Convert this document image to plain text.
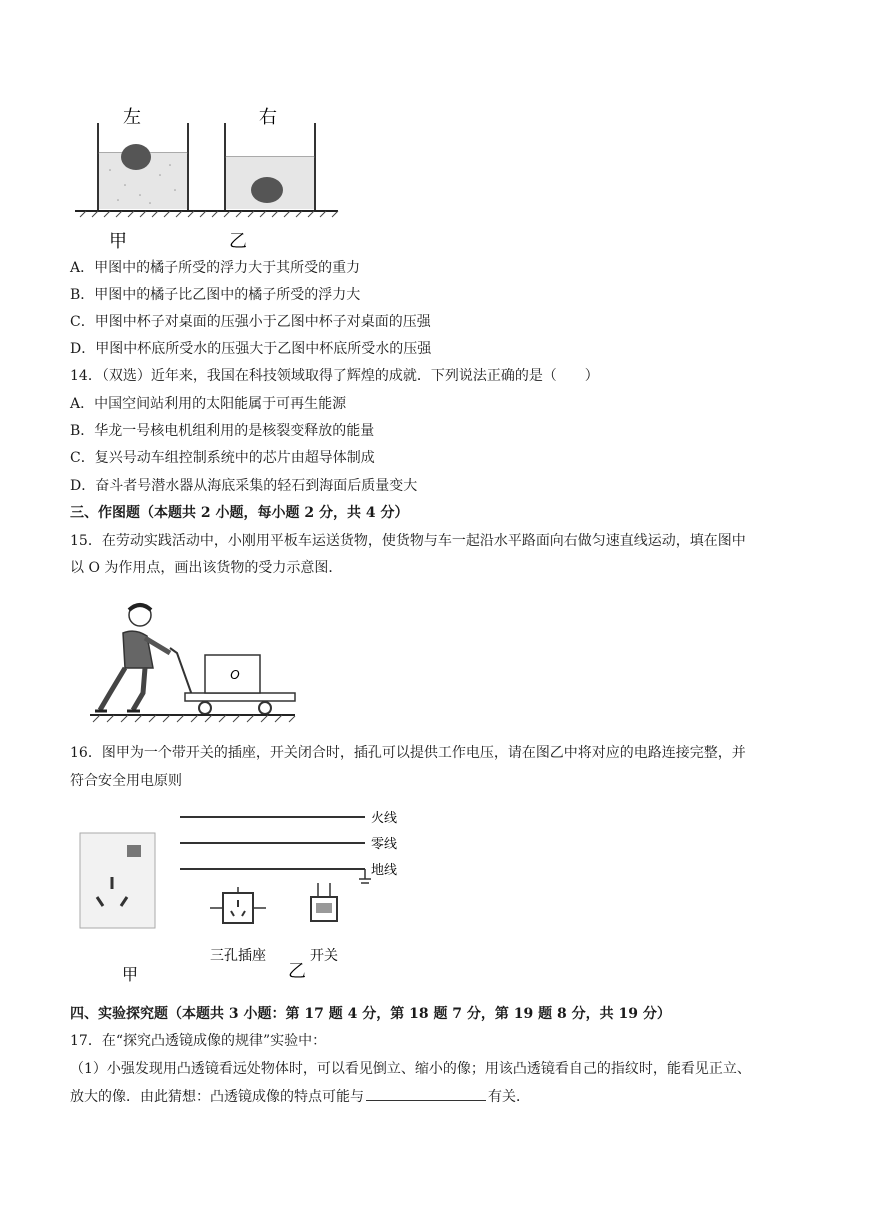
左	右
甲	乙
A．甲图中的橘子所受的浮力大于其所受的重力
B．甲图中的橘子比乙图中的橘子所受的浮力大
C．甲图中杯子对桌面的压强小于乙图中杯子对桌面的压强
D．甲图中杯底所受水的压强大于乙图中杯底所受水的压强
14．（双选）近年来，我国在科技领域取得了辉煌的成就．下列说法正确的是（　　）
A．中国空间站利用的太阳能属于可再生能源
B．华龙一号核电机组利用的是核裂变释放的能量
C．复兴号动车组控制系统中的芯片由超导体制成
D．奋斗者号潜水器从海底采集的轻石到海面后质量变大
三、作图题（本题共 2 小题，每小题 2 分，共 4 分）
15．在劳动实践活动中，小刚用平板车运送货物，使货物与车一起沿水平路面向右做匀速直线运动，填在图中
以 O 为作用点，画出该货物的受力示意图．
O
16．图甲为一个带开关的插座，开关闭合时，插孔可以提供工作电压，请在图乙中将对应的电路连接完整，并
符合安全用电原则
甲
火线
零线
地线
三孔插座	开关
乙
四、实验探究题（本题共 3 小题：第 17 题 4 分，第 18 题 7 分，第 19 题 8 分，共 19 分）
17．在“探究凸透镜成像的规律”实验中：
（1）小强发现用凸透镜看远处物体时，可以看见倒立、缩小的像；用该凸透镜看自己的指纹时，能看见正立、
放大的像．由此猜想：凸透镜成像的特点可能与	有关．
